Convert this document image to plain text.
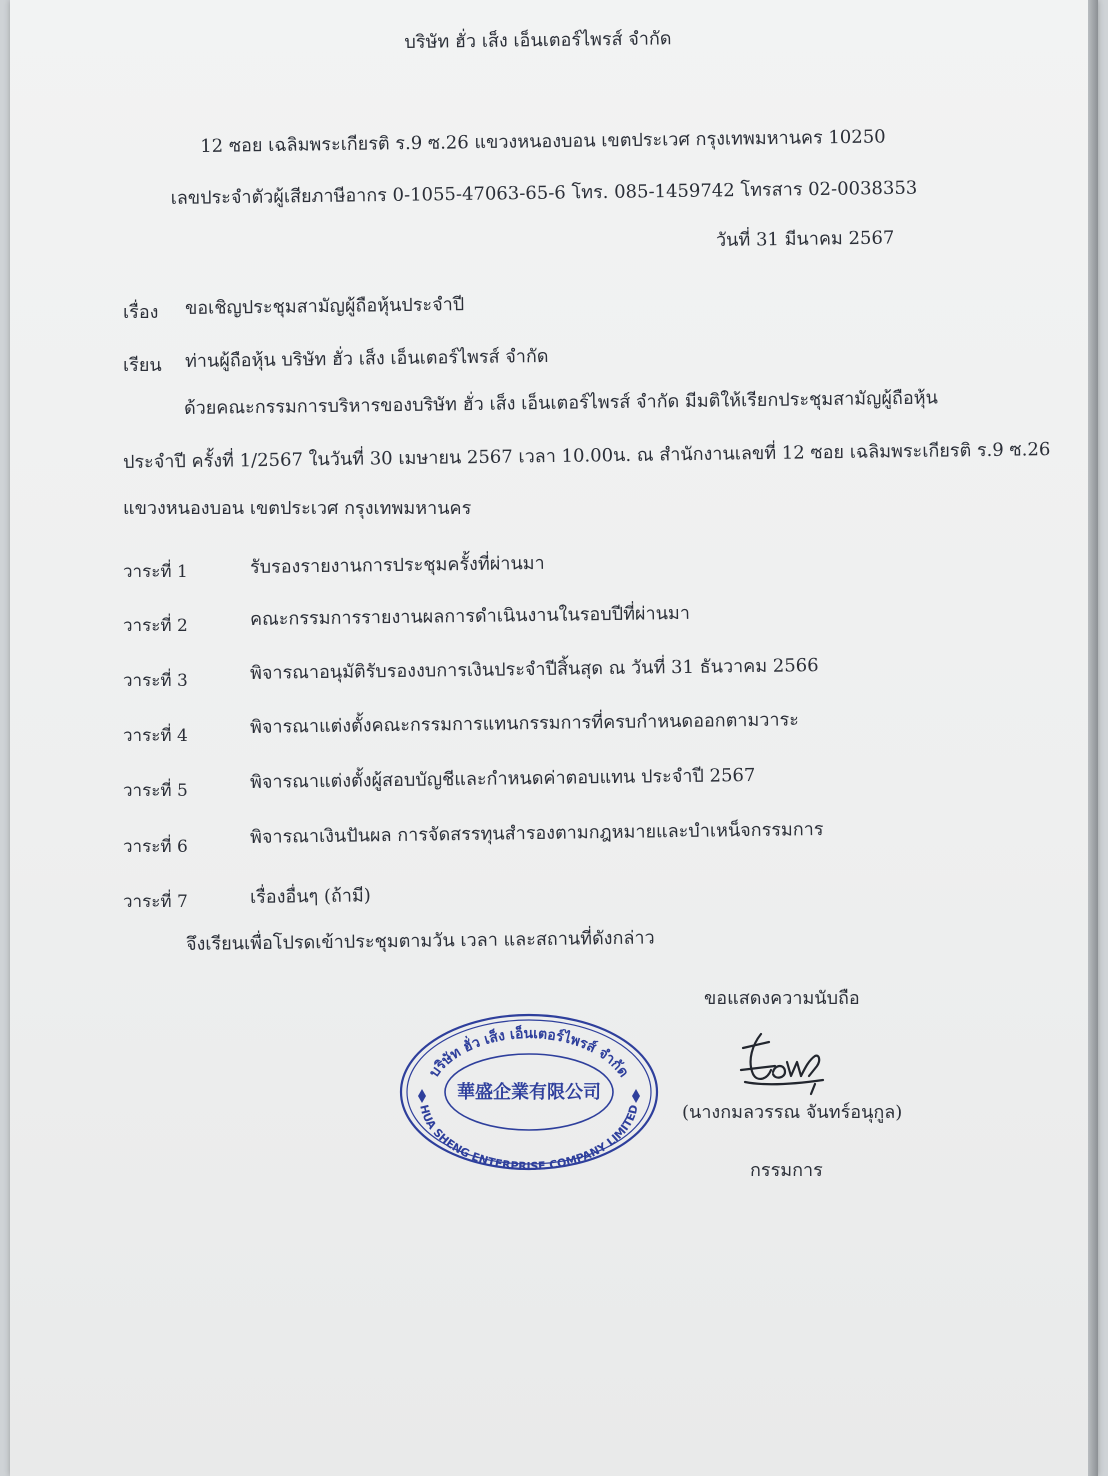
บริษัท ฮั่ว เส็ง เอ็นเตอร์ไพรส์ จำกัด
12 ซอย เฉลิมพระเกียรติ ร.9 ซ.26 แขวงหนองบอน เขตประเวศ กรุงเทพมหานคร 10250
เลขประจำตัวผู้เสียภาษีอากร 0-1055-47063-65-6 โทร. 085-1459742 โทรสาร 02-0038353
วันที่ 31 มีนาคม 2567
เรื่อง ขอเชิญประชุมสามัญผู้ถือหุ้นประจำปี
เรียน ท่านผู้ถือหุ้น บริษัท ฮั่ว เส็ง เอ็นเตอร์ไพรส์ จำกัด
ด้วยคณะกรรมการบริหารของบริษัท ฮั่ว เส็ง เอ็นเตอร์ไพรส์ จำกัด มีมติให้เรียกประชุมสามัญผู้ถือหุ้น
ประจำปี ครั้งที่ 1/2567 ในวันที่ 30 เมษายน 2567 เวลา 10.00น. ณ สำนักงานเลขที่ 12 ซอย เฉลิมพระเกียรติ ร.9 ซ.26
แขวงหนองบอน เขตประเวศ กรุงเทพมหานคร
วาระที่ 1	รับรองรายงานการประชุมครั้งที่ผ่านมา
วาระที่ 2	คณะกรรมการรายงานผลการดำเนินงานในรอบปีที่ผ่านมา
วาระที่ 3	พิจารณาอนุมัติรับรองงบการเงินประจำปีสิ้นสุด ณ วันที่ 31 ธันวาคม 2566
วาระที่ 4	พิจารณาแต่งตั้งคณะกรรมการแทนกรรมการที่ครบกำหนดออกตามวาระ
วาระที่ 5	พิจารณาแต่งตั้งผู้สอบบัญชีและกำหนดค่าตอบแทน ประจำปี 2567
วาระที่ 6	พิจารณาเงินปันผล การจัดสรรทุนสำรองตามกฎหมายและบำเหน็จกรรมการ
วาระที่ 7	เรื่องอื่นๆ (ถ้ามี)
จึงเรียนเพื่อโปรดเข้าประชุมตามวัน เวลา และสถานที่ดังกล่าว
ขอแสดงความนับถือ
บริษัท ฮั่ว เส็ง เอ็นเตอร์ไพรส์ จำกัด
華盛企業有限公司
HUA SHENG ENTERPRISE COMPANY LIMITED (นางกมลวรรณ จันทร์อนุกูล)
กรรมการ
